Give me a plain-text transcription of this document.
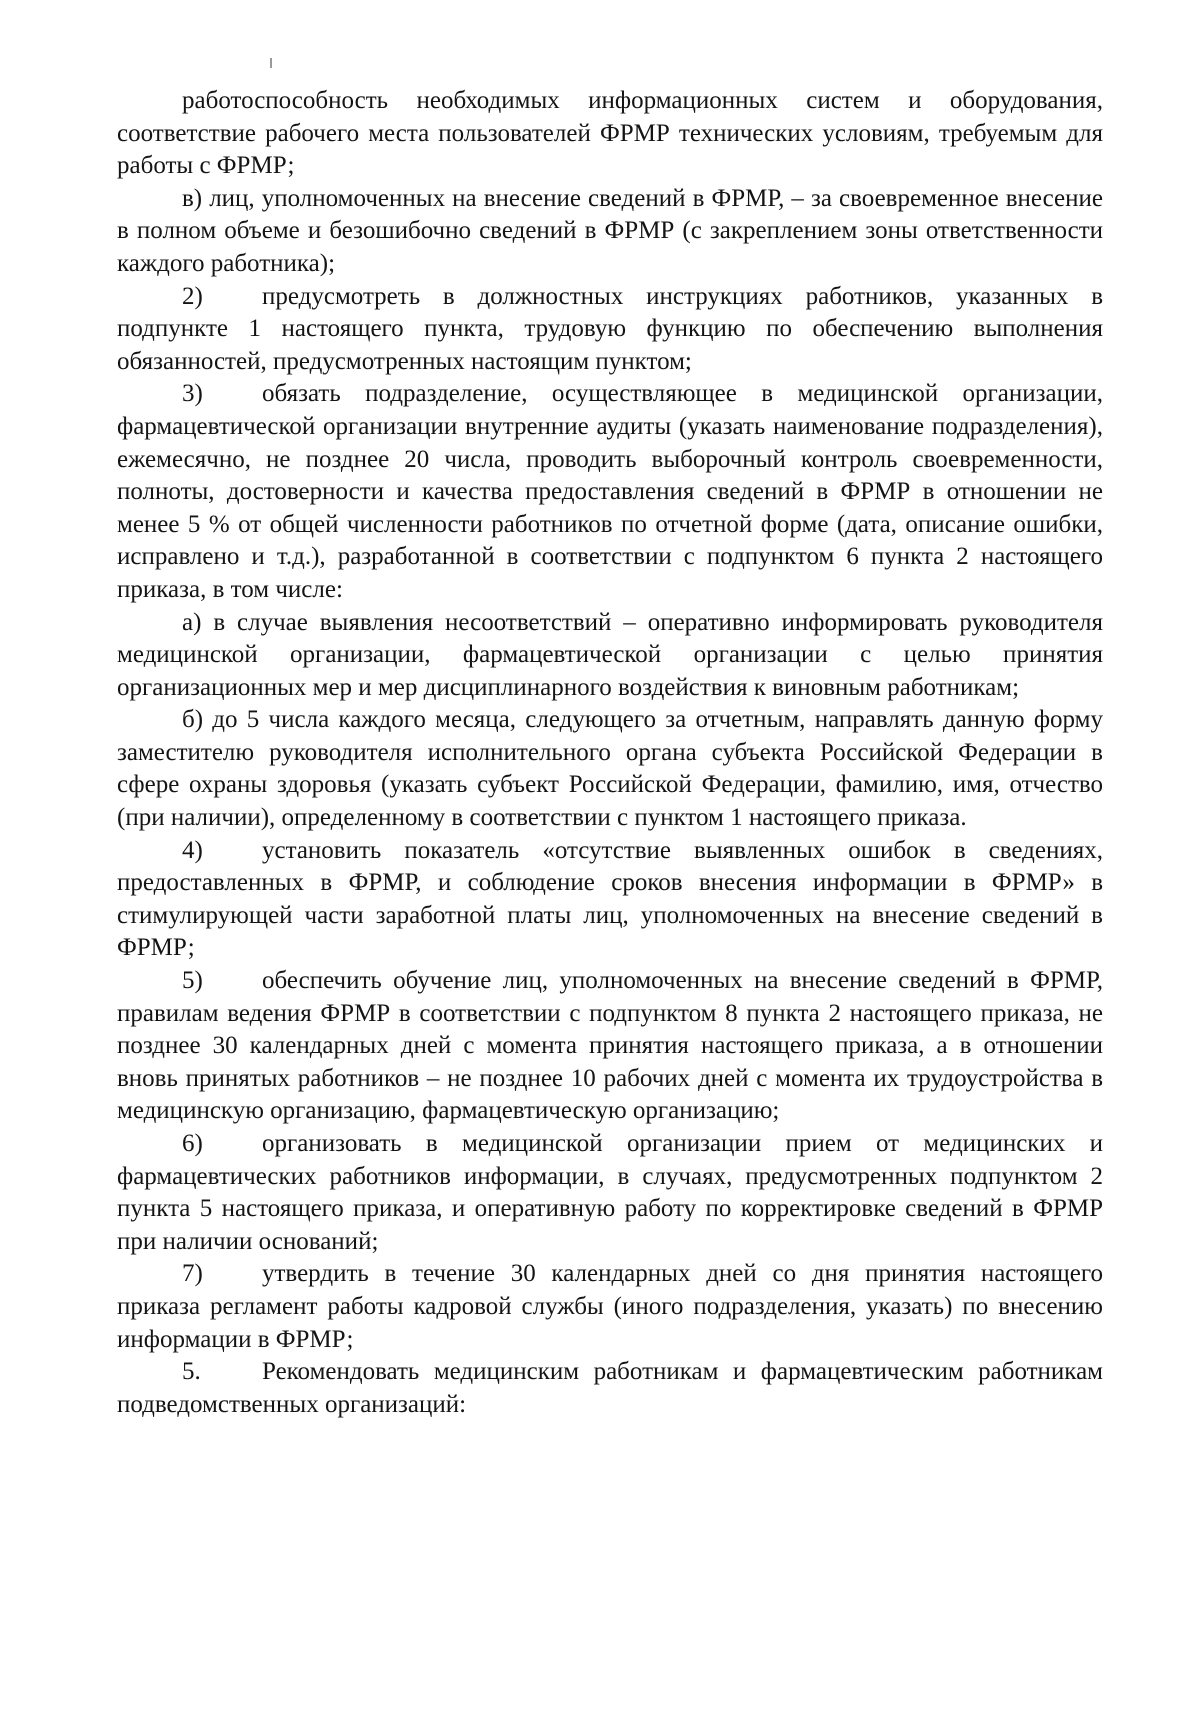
работоспособность необходимых информационных систем и оборудования, соответствие рабочего места пользователей ФРМР технических условиям, требуемым для работы с ФРМР;

в) лиц, уполномоченных на внесение сведений в ФРМР, – за своевременное внесение в полном объеме и безошибочно сведений в ФРМР (с закреплением зоны ответственности каждого работника);

2) предусмотреть в должностных инструкциях работников, указанных в подпункте 1 настоящего пункта, трудовую функцию по обеспечению выполнения обязанностей, предусмотренных настоящим пунктом;

3) обязать подразделение, осуществляющее в медицинской организации, фармацевтической организации внутренние аудиты (указать наименование подразделения), ежемесячно, не позднее 20 числа, проводить выборочный контроль своевременности, полноты, достоверности и качества предоставления сведений в ФРМР в отношении не менее 5 % от общей численности работников по отчетной форме (дата, описание ошибки, исправлено и т.д.), разработанной в соответствии с подпунктом 6 пункта 2 настоящего приказа, в том числе:

а) в случае выявления несоответствий – оперативно информировать руководителя медицинской организации, фармацевтической организации с целью принятия организационных мер и мер дисциплинарного воздействия к виновным работникам;

б) до 5 числа каждого месяца, следующего за отчетным, направлять данную форму заместителю руководителя исполнительного органа субъекта Российской Федерации в сфере охраны здоровья (указать субъект Российской Федерации, фамилию, имя, отчество (при наличии), определенному в соответствии с пунктом 1 настоящего приказа.

4) установить показатель «отсутствие выявленных ошибок в сведениях, предоставленных в ФРМР, и соблюдение сроков внесения информации в ФРМР» в стимулирующей части заработной платы лиц, уполномоченных на внесение сведений в ФРМР;

5) обеспечить обучение лиц, уполномоченных на внесение сведений в ФРМР, правилам ведения ФРМР в соответствии с подпунктом 8 пункта 2 настоящего приказа, не позднее 30 календарных дней с момента принятия настоящего приказа, а в отношении вновь принятых работников – не позднее 10 рабочих дней с момента их трудоустройства в медицинскую организацию, фармацевтическую организацию;

6) организовать в медицинской организации прием от медицинских и фармацевтических работников информации, в случаях, предусмотренных подпунктом 2 пункта 5 настоящего приказа, и оперативную работу по корректировке сведений в ФРМР при наличии оснований;

7) утвердить в течение 30 календарных дней со дня принятия настоящего приказа регламент работы кадровой службы (иного подразделения, указать) по внесению информации в ФРМР;

5. Рекомендовать медицинским работникам и фармацевтическим работникам подведомственных организаций:
